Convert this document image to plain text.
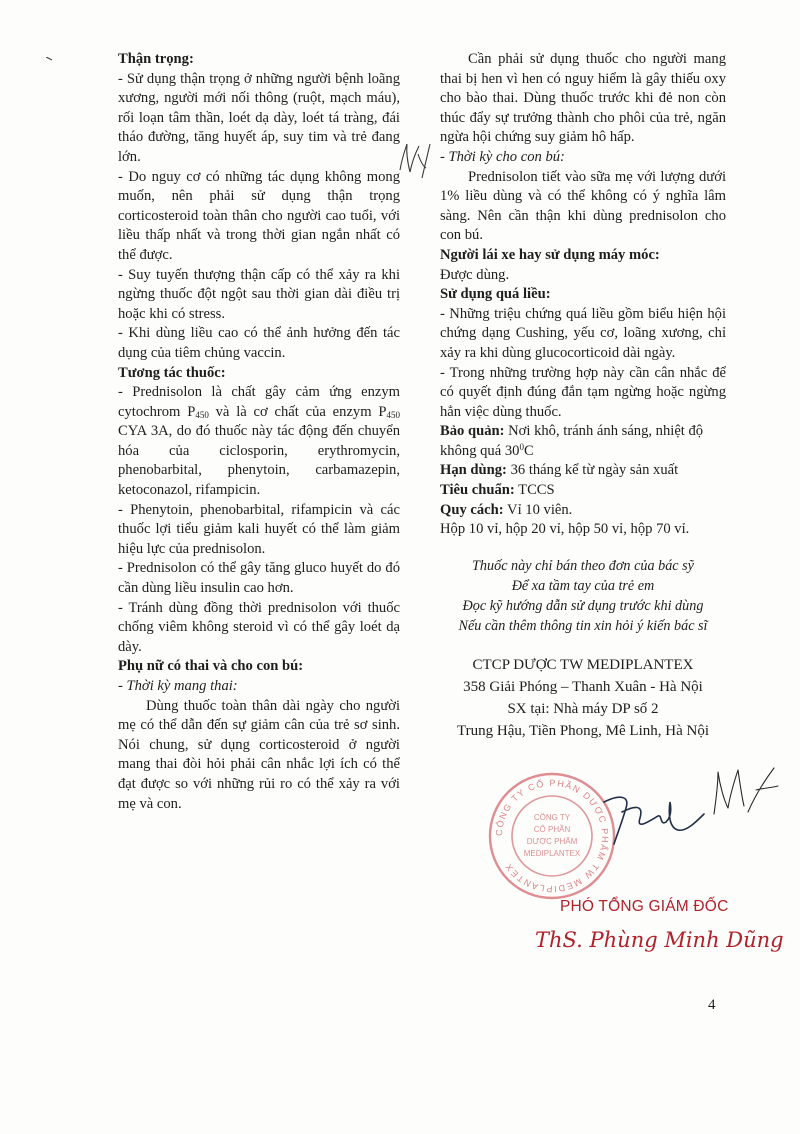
Thận trọng:

- Sử dụng thận trọng ở những người bệnh loãng xương, người mới nối thông (ruột, mạch máu), rối loạn tâm thần, loét dạ dày, loét tá tràng, đái tháo đường, tăng huyết áp, suy tim và trẻ đang lớn.

- Do nguy cơ có những tác dụng không mong muốn, nên phải sử dụng thận trọng corticosteroid toàn thân cho người cao tuổi, với liều thấp nhất và trong thời gian ngắn nhất có thể được.

- Suy tuyến thượng thận cấp có thể xảy ra khi ngừng thuốc đột ngột sau thời gian dài điều trị hoặc khi có stress.

- Khi dùng liều cao có thể ảnh hưởng đến tác dụng của tiêm chủng vaccin.

Tương tác thuốc:

- Prednisolon là chất gây cảm ứng enzym cytochrom $P_{450}$ và là cơ chất của enzym $P_{450}$ CYA 3A, do đó thuốc này tác động đến chuyển hóa của ciclosporin, erythromycin, phenobarbital, phenytoin, carbamazepin, ketoconazol, rifampicin.

- Phenytoin, phenobarbital, rifampicin và các thuốc lợi tiểu giảm kali huyết có thể làm giảm hiệu lực của prednisolon.

- Prednisolon có thể gây tăng gluco huyết do đó cần dùng liều insulin cao hơn.

- Tránh dùng đồng thời prednisolon với thuốc chống viêm không steroid vì có thể gây loét dạ dày.

Phụ nữ có thai và cho con bú:

- Thời kỳ mang thai:

Dùng thuốc toàn thân dài ngày cho người mẹ có thể dẫn đến sự giảm cân của trẻ sơ sinh. Nói chung, sử dụng corticosteroid ở người mang thai đòi hỏi phải cân nhắc lợi ích có thể đạt được so với những rủi ro có thể xảy ra với mẹ và con.

Cần phải sử dụng thuốc cho người mang thai bị hen vì hen có nguy hiểm là gây thiếu oxy cho bào thai. Dùng thuốc trước khi đẻ non còn thúc đẩy sự trưởng thành cho phôi của trẻ, ngăn ngừa hội chứng suy giảm hô hấp.

- Thời kỳ cho con bú:

Prednisolon tiết vào sữa mẹ với lượng dưới 1% liều dùng và có thể không có ý nghĩa lâm sàng. Nên cần thận khi dùng prednisolon cho con bú.

Người lái xe hay sử dụng máy móc:

Được dùng.

Sử dụng quá liều:

- Những triệu chứng quá liều gồm biểu hiện hội chứng dạng Cushing, yếu cơ, loãng xương, chỉ xảy ra khi dùng glucocorticoid dài ngày.

- Trong những trường hợp này cần cân nhắc để có quyết định đúng đắn tạm ngừng hoặc ngừng hẳn việc dùng thuốc.

Bảo quản: Nơi khô, tránh ánh sáng, nhiệt độ không quá $30^0C$

Hạn dùng: 36 tháng kể từ ngày sản xuất

Tiêu chuẩn: TCCS

Quy cách: Vỉ 10 viên.

Hộp 10 vỉ, hộp 20 vỉ, hộp 50 vỉ, hộp 70 vỉ.

Thuốc này chỉ bán theo đơn của bác sỹ

Để xa tầm tay của trẻ em

Đọc kỹ hướng dẫn sử dụng trước khi dùng

Nếu cần thêm thông tin xin hỏi ý kiến bác sĩ

CTCP DƯỢC TW MEDIPLANTEX

358 Giải Phóng – Thanh Xuân - Hà Nội

SX tại: Nhà máy DP số 2

Trung Hậu, Tiền Phong, Mê Linh, Hà Nội

CÔNG TY CỔ PHẦN DƯỢC PHẨM TW MEDIPLANTEX
CÔNG TY
CỔ PHẦN
DƯỢC PHẨM
MEDIPLANTEX
PHÓ TỔNG GIÁM ĐỐC
ThS. Phùng Minh Dũng
4
